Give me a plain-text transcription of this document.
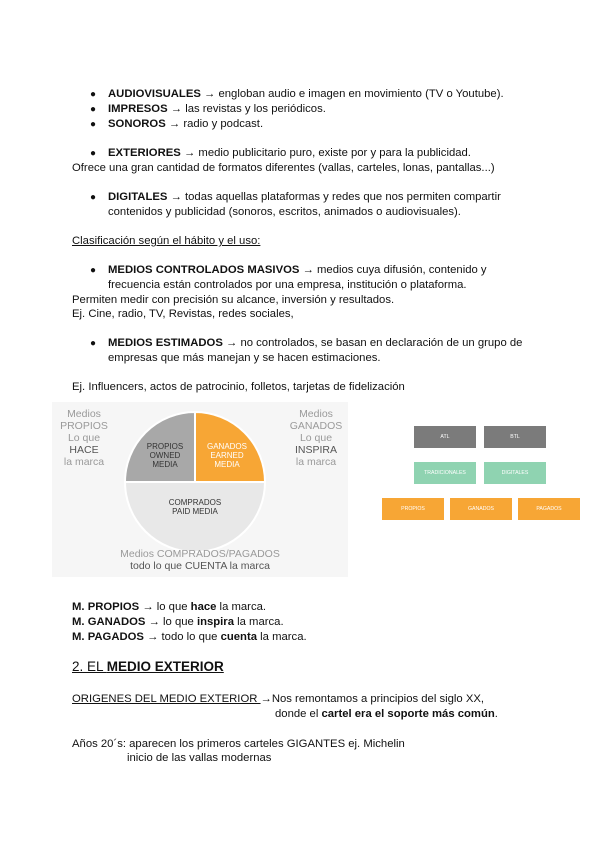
● AUDIOVISUALES → engloban audio e imagen en movimiento (TV o Youtube).
● IMPRESOS → las revistas y los periódicos.
● SONOROS → radio y podcast.
● EXTERIORES → medio publicitario puro, existe por y para la publicidad.
Ofrece una gran cantidad de formatos diferentes (vallas, carteles, lonas, pantallas...)
● DIGITALES → todas aquellas plataformas y redes que nos permiten compartir
contenidos y publicidad (sonoros, escritos, animados o audiovisuales).
Clasificación según el hábito y el uso:
● MEDIOS CONTROLADOS MASIVOS → medios cuya difusión, contenido y
frecuencia están controlados por una empresa, institución o plataforma.
Permiten medir con precisión su alcance, inversión y resultados.
Ej. Cine, radio, TV, Revistas, redes sociales,
● MEDIOS ESTIMADOS → no controlados, se basan en declaración de un grupo de
empresas que más manejan y se hacen estimaciones.
Ej. Influencers, actos de patrocinio, folletos, tarjetas de fidelización
Medios
PROPIOS
Lo que
HACE
la marca
Medios
GANADOS
Lo que
INSPIRA
la marca
PROPIOS OWNED MEDIA
GANADOS EARNED MEDIA
COMPRADOS PAID MEDIA
Medios COMPRADOS/PAGADOS
todo lo que CUENTA la marca
ATL	BTL
TRADICIONALES	DIGITALES
PROPIOS	GANADOS	PAGADOS
M. PROPIOS → lo que hace la marca.
M. GANADOS → lo que inspira la marca.
M. PAGADOS → todo lo que cuenta la marca.
2. EL MEDIO EXTERIOR
ORIGENES DEL MEDIO EXTERIOR →Nos remontamos a principios del siglo XX,
donde el cartel era el soporte más común.
Años 20´s: aparecen los primeros carteles GIGANTES ej. Michelin
inicio de las vallas modernas
